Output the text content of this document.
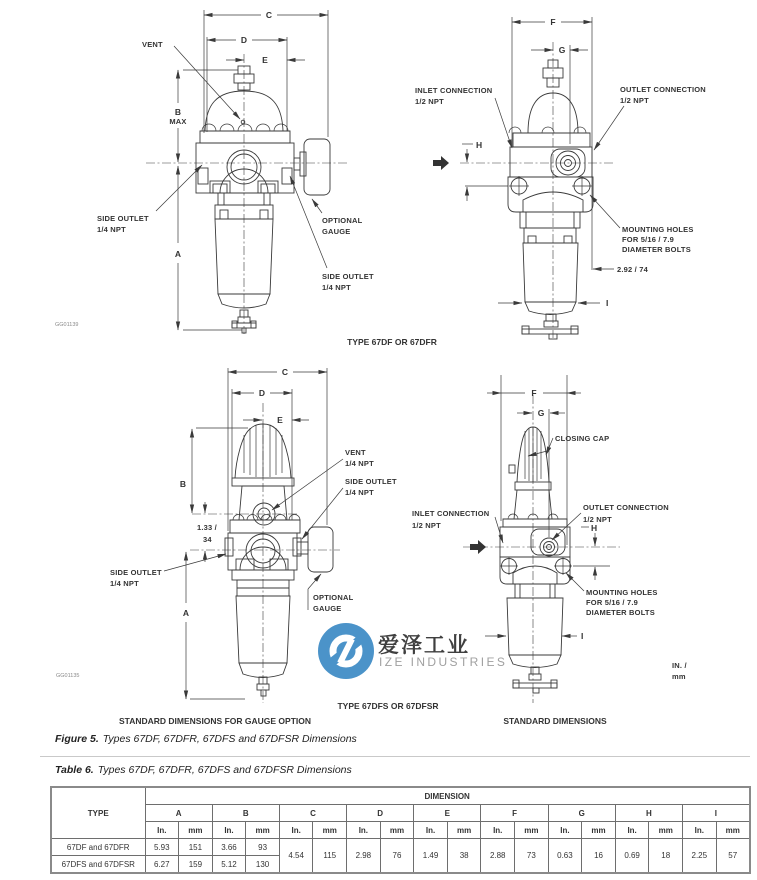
C
D
E
B
MAX
A
VENT
SIDE OUTLET
1/4 NPT
OPTIONAL
GAUGE
SIDE OUTLET
1/4 NPT
GG01139
F
G
H
I
INLET CONNECTION
1/2 NPT
OUTLET CONNECTION
1/2 NPT
MOUNTING HOLES
FOR 5/16 / 7.9
DIAMETER BOLTS
2.92 / 74
TYPE 67DF OR 67DFR
C
D
E
B
1.33 /
34
A
VENT
1/4 NPT
SIDE OUTLET
1/4 NPT
SIDE OUTLET
1/4 NPT
OPTIONAL
GAUGE
GG01135
F
G
H
I
CLOSING CAP
INLET CONNECTION
1/2 NPT
OUTLET CONNECTION
1/2 NPT
MOUNTING HOLES
FOR 5/16 / 7.9
DIAMETER BOLTS
IN. /
mm
爱泽工业
IZE INDUSTRIES
TYPE 67DFS OR 67DFSR
STANDARD DIMENSIONS FOR GAUGE OPTION	STANDARD DIMENSIONS
Figure 5. Types 67DF, 67DFR, 67DFS and 67DFSR Dimensions
Table 6. Types 67DF, 67DFR, 67DFS and 67DFSR Dimensions
TYPE	DIMENSION																	
	A		B		C		D		E		F		G		H		I	
	In.	mm	In.	mm	In.	mm	In.	mm	In.	mm	In.	mm	In.	mm	In.	mm	In.	mm
67DF and 67DFR	5.93	151	3.66	93	4.54	115	2.98	76	1.49	38	2.88	73	0.63	16	0.69	18	2.25	57
67DFS and 67DFSR	6.27	159	5.12	130														
